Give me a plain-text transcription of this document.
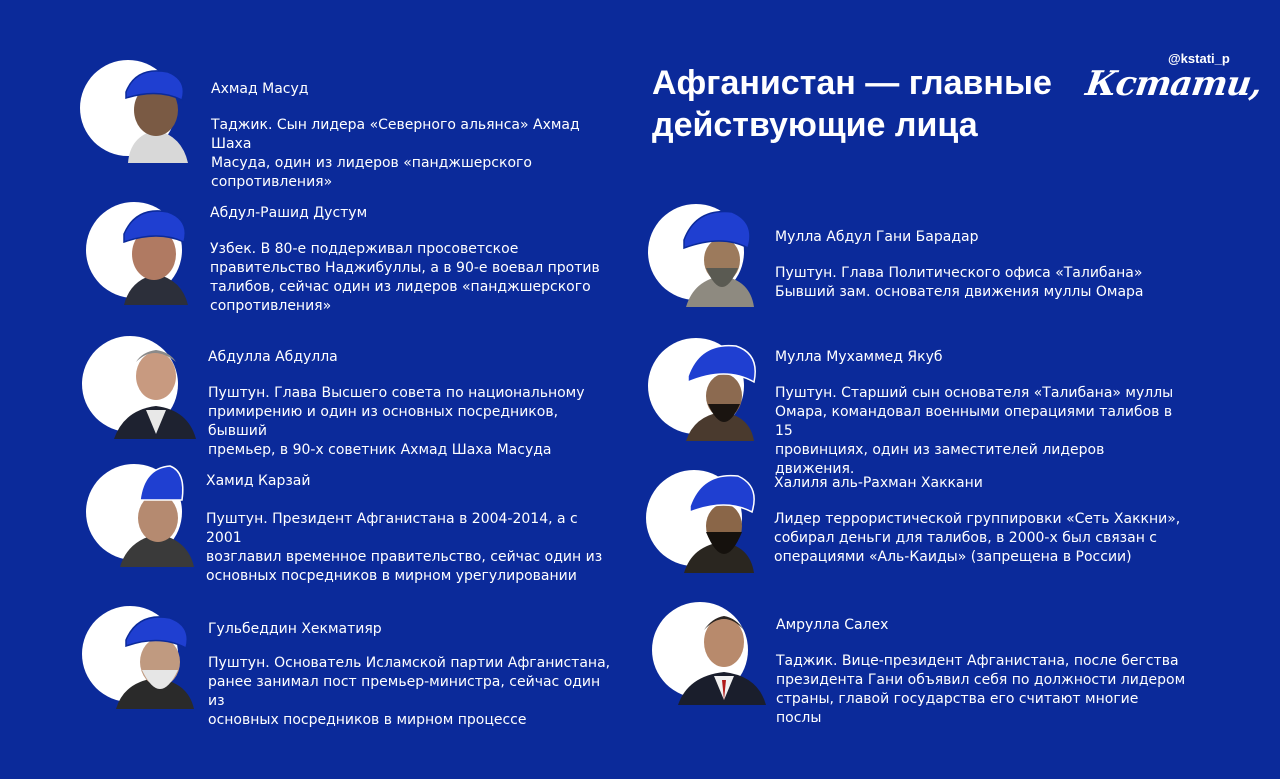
Афганистан — главные действующие лица
@kstati_p
Кстати,
Ахмад Масуд
Таджик. Сын лидера «Северного альянса» Ахмад Шаха
Масуда, один из лидеров «панджшерского
сопротивления»
Абдул-Рашид Дустум
Узбек. В 80-е поддерживал просоветское
правительство Наджибуллы, а в 90-е воевал против
талибов, сейчас один из лидеров «панджшерского
сопротивления»
Абдулла Абдулла
Пуштун. Глава Высшего совета по национальному
примирению и один из основных посредников, бывший
премьер, в 90-х советник Ахмад Шаха Масуда
Хамид Карзай
Пуштун. Президент Афганистана в 2004-2014, а с 2001
возглавил временное правительство, сейчас один из
основных посредников в мирном урегулировании
Гульбеддин Хекматияр
Пуштун. Основатель Исламской партии Афганистана,
ранее занимал пост премьер-министра, сейчас один из
основных посредников в мирном процессе
Мулла Абдул Гани Барадар
Пуштун. Глава Политического офиса «Талибана»
Бывший зам. основателя движения муллы Омара
Мулла Мухаммед Якуб
Пуштун. Старший сын основателя «Талибана» муллы
Омара, командовал военными операциями талибов в 15
провинциях, один из заместителей лидеров движения.
Халиля аль-Рахман Хаккани
Лидер террористической группировки «Сеть Хаккни»,
собирал деньги для талибов, в 2000-х был связан с
операциями «Аль-Каиды» (запрещена в России)
Амрулла Салех
Таджик. Вице-президент Афганистана, после бегства
президента Гани объявил себя по должности лидером
страны, главой государства его считают многие послы
